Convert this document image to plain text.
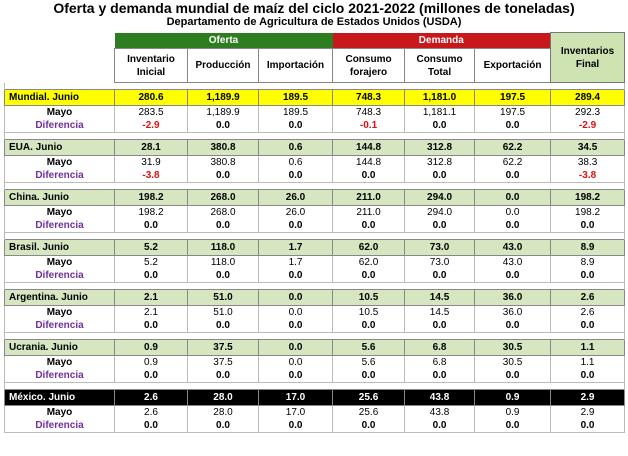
Oferta y demanda mundial de maíz del ciclo 2021-2022 (millones de toneladas)
Departamento de Agricultura de Estados Unidos (USDA)
	Oferta			Demanda			Inventarios Final
	Inventario Inicial	Producción	Importación	Consumo forajero	Consumo Total	Exportación	

Mundial. Junio	280.6	1,189.9	189.5	748.3	1,181.0	197.5	289.4
Mayo	283.5	1,189.9	189.5	748.3	1,181.1	197.5	292.3
Diferencia	-2.9	0.0	0.0	-0.1	0.0	0.0	-2.9

EUA. Junio	28.1	380.8	0.6	144.8	312.8	62.2	34.5
Mayo	31.9	380.8	0.6	144.8	312.8	62.2	38.3
Diferencia	-3.8	0.0	0.0	0.0	0.0	0.0	-3.8

China. Junio	198.2	268.0	26.0	211.0	294.0	0.0	198.2
Mayo	198.2	268.0	26.0	211.0	294.0	0.0	198.2
Diferencia	0.0	0.0	0.0	0.0	0.0	0.0	0.0

Brasil. Junio	5.2	118.0	1.7	62.0	73.0	43.0	8.9
Mayo	5.2	118.0	1.7	62.0	73.0	43.0	8.9
Diferencia	0.0	0.0	0.0	0.0	0.0	0.0	0.0

Argentina. Junio	2.1	51.0	0.0	10.5	14.5	36.0	2.6
Mayo	2.1	51.0	0.0	10.5	14.5	36.0	2.6
Diferencia	0.0	0.0	0.0	0.0	0.0	0.0	0.0

Ucrania. Junio	0.9	37.5	0.0	5.6	6.8	30.5	1.1
Mayo	0.9	37.5	0.0	5.6	6.8	30.5	1.1
Diferencia	0.0	0.0	0.0	0.0	0.0	0.0	0.0

México. Junio	2.6	28.0	17.0	25.6	43.8	0.9	2.9
Mayo	2.6	28.0	17.0	25.6	43.8	0.9	2.9
Diferencia	0.0	0.0	0.0	0.0	0.0	0.0	0.0
